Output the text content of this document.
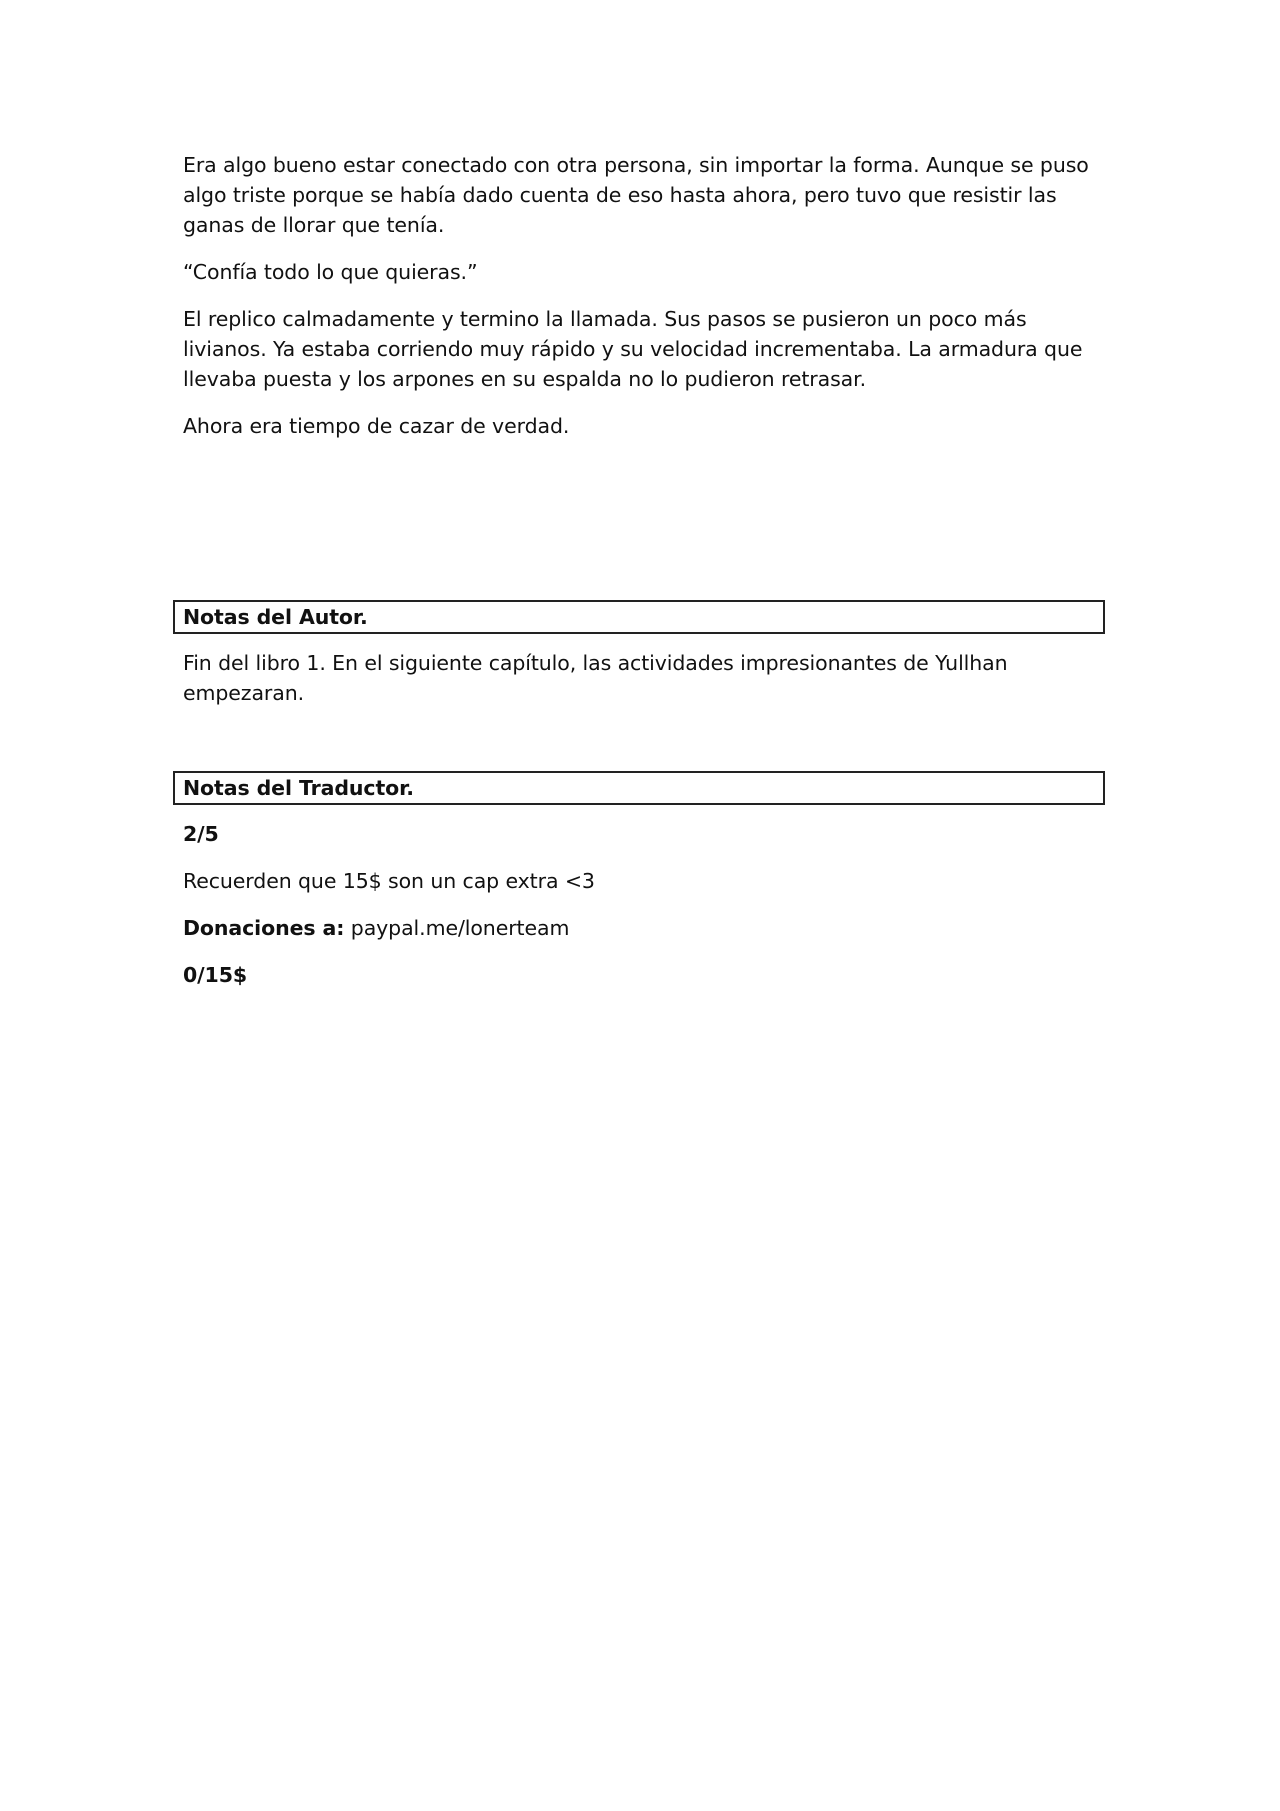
Era algo bueno estar conectado con otra persona, sin importar la forma. Aunque se puso algo triste porque se había dado cuenta de eso hasta ahora, pero tuvo que resistir las ganas de llorar que tenía.

“Confía todo lo que quieras.”

El replico calmadamente y termino la llamada. Sus pasos se pusieron un poco más livianos. Ya estaba corriendo muy rápido y su velocidad incrementaba. La armadura que llevaba puesta y los arpones en su espalda no lo pudieron retrasar.

Ahora era tiempo de cazar de verdad.

Notas del Autor.

Fin del libro 1. En el siguiente capítulo, las actividades impresionantes de Yullhan empezaran.

Notas del Traductor.

2/5

Recuerden que 15$ son un cap extra <3

Donaciones a: paypal.me/lonerteam

0/15$
